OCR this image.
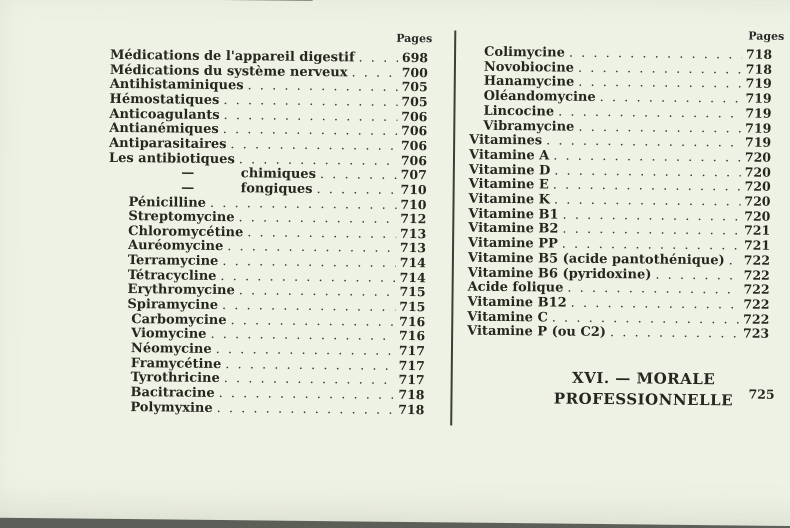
Pages	Pages
Médications de l'appareil digestif . . .	698
Médications du système nerveux . . .	700
Antihistaminiques . . .	705
Hémostatiques . . .	705
Anticoagulants . . .	706
Antianémiques . . .	706
Antiparasitaires . . .	706
Les antibiotiques . . .	706
—	chimiques . . .	707
—	fongiques . . .	710
Pénicilline . . .	710
Streptomycine . . .	712
Chloromycétine . . .	713
Auréomycine . . .	713
Terramycine . . .	714
Tétracycline . . .	714
Erythromycine . . .	715
Spiramycine . . .	715
Carbomycine . . .	716
Viomycine . . .	716
Néomycine . . .	717
Framycétine . . .	717
Tyrothricine . . .	717
Bacitracine . . .	718
Polymyxine . . .	718
Colimycine . . .	718
Novobiocine . . .	718
Hanamycine . . .	719
Oléandomycine . . .	719
Lincocine . . .	719
Vibramycine . . .	719
Vitamines . . .	719
Vitamine A . . .	720
Vitamine D . . .	720
Vitamine E . . .	720
Vitamine K . . .	720
Vitamine B1 . . .	720
Vitamine B2 . . .	721
Vitamine PP . . .	721
Vitamine B5 (acide pantothénique) . . . 722
Vitamine B6 (pyridoxine) . . .	722
Acide folique . . .	722
Vitamine B12 . . .	722
Vitamine C . . .	722
Vitamine P (ou C2) . . .	723
XVI. — MORALE
PROFESSIONNELLE	725
